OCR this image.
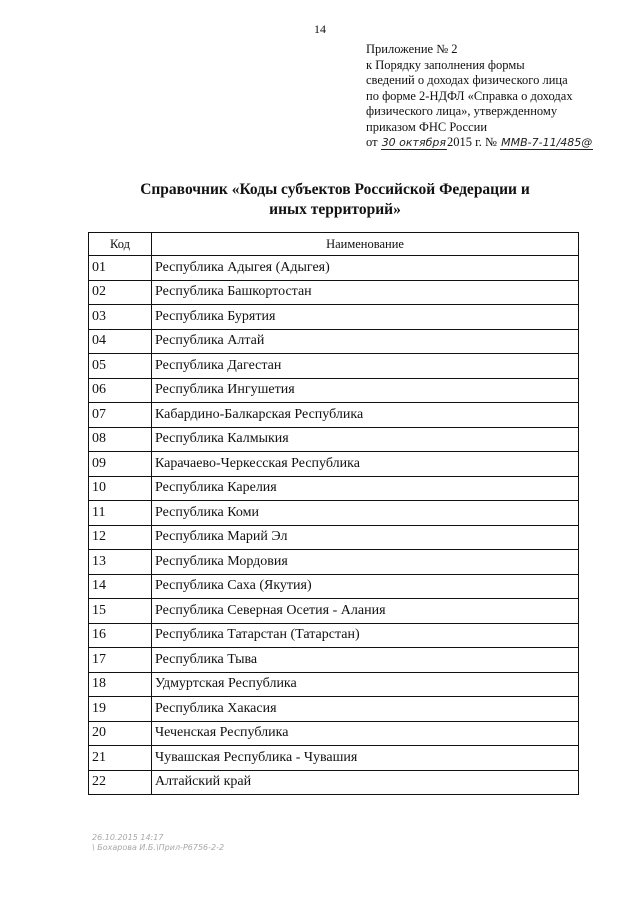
14
Приложение № 2
к Порядку заполнения формы
сведений о доходах физического лица
по форме 2-НДФЛ «Справка о доходах
физического лица», утвержденному
приказом ФНС России
от 30 октября2015 г. № ММВ-7-11/485@
Справочник «Коды субъектов Российской Федерации и
иных территорий»
Код	Наименование
01	Республика Адыгея (Адыгея)
02	Республика Башкортостан
03	Республика Бурятия
04	Республика Алтай
05	Республика Дагестан
06	Республика Ингушетия
07	Кабардино-Балкарская Республика
08	Республика Калмыкия
09	Карачаево-Черкесская Республика
10	Республика Карелия
11	Республика Коми
12	Республика Марий Эл
13	Республика Мордовия
14	Республика Саха (Якутия)
15	Республика Северная Осетия - Алания
16	Республика Татарстан (Татарстан)
17	Республика Тыва
18	Удмуртская Республика
19	Республика Хакасия
20	Чеченская Республика
21	Чувашская Республика - Чувашия
22	Алтайский край
26.10.2015 14:17
\ Бохарова И.Б.\Прил-Р6756-2-2
